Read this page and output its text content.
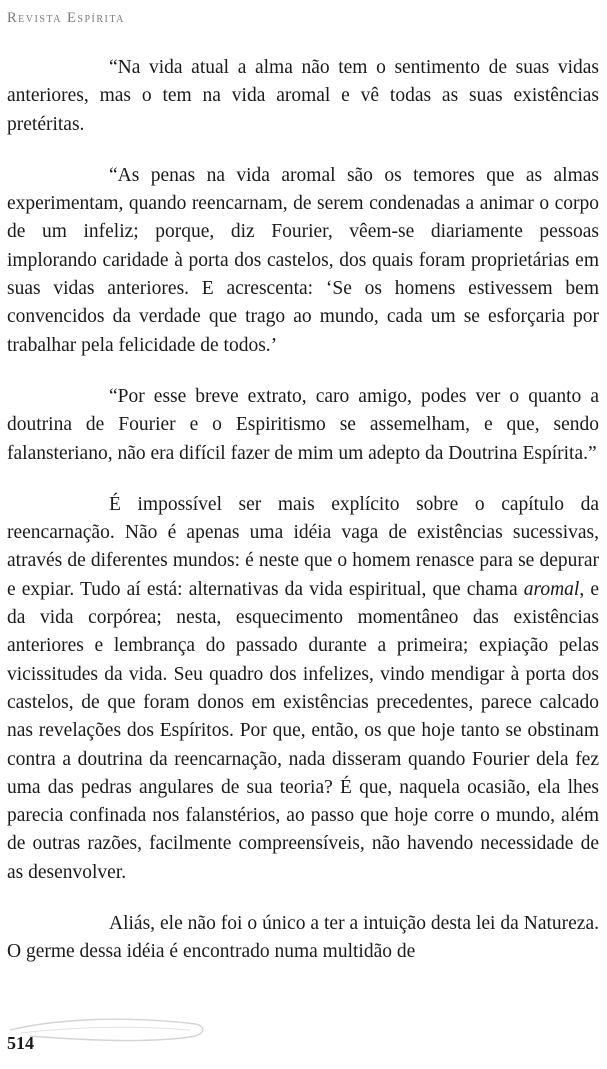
Revista Espírita

“Na vida atual a alma não tem o sentimento de suas vidas anteriores, mas o tem na vida aromal e vê todas as suas existências pretéritas.

“As penas na vida aromal são os temores que as almas experimentam, quando reencarnam, de serem condenadas a animar o corpo de um infeliz; porque, diz Fourier, vêem-se diariamente pessoas implorando caridade à porta dos castelos, dos quais foram proprietárias em suas vidas anteriores. E acrescenta: ‘Se os homens estivessem bem convencidos da verdade que trago ao mundo, cada um se esforçaria por trabalhar pela felicidade de todos.’

“Por esse breve extrato, caro amigo, podes ver o quanto a doutrina de Fourier e o Espiritismo se assemelham, e que, sendo falansteriano, não era difícil fazer de mim um adepto da Doutrina Espírita.”

É impossível ser mais explícito sobre o capítulo da reencarnação. Não é apenas uma idéia vaga de existências sucessivas, através de diferentes mundos: é neste que o homem renasce para se depurar e expiar. Tudo aí está: alternativas da vida espiritual, que chama aromal, e da vida corpórea; nesta, esquecimento momentâneo das existências anteriores e lembrança do passado durante a primeira; expiação pelas vicissitudes da vida. Seu quadro dos infelizes, vindo mendigar à porta dos castelos, de que foram donos em existências precedentes, parece calcado nas revelações dos Espíritos. Por que, então, os que hoje tanto se obstinam contra a doutrina da reencarnação, nada disseram quando Fourier dela fez uma das pedras angulares de sua teoria? É que, naquela ocasião, ela lhes parecia confinada nos falanstérios, ao passo que hoje corre o mundo, além de outras razões, facilmente compreensíveis, não havendo necessidade de as desenvolver.

Aliás, ele não foi o único a ter a intuição desta lei da Natureza. O germe dessa idéia é encontrado numa multidão de

514
